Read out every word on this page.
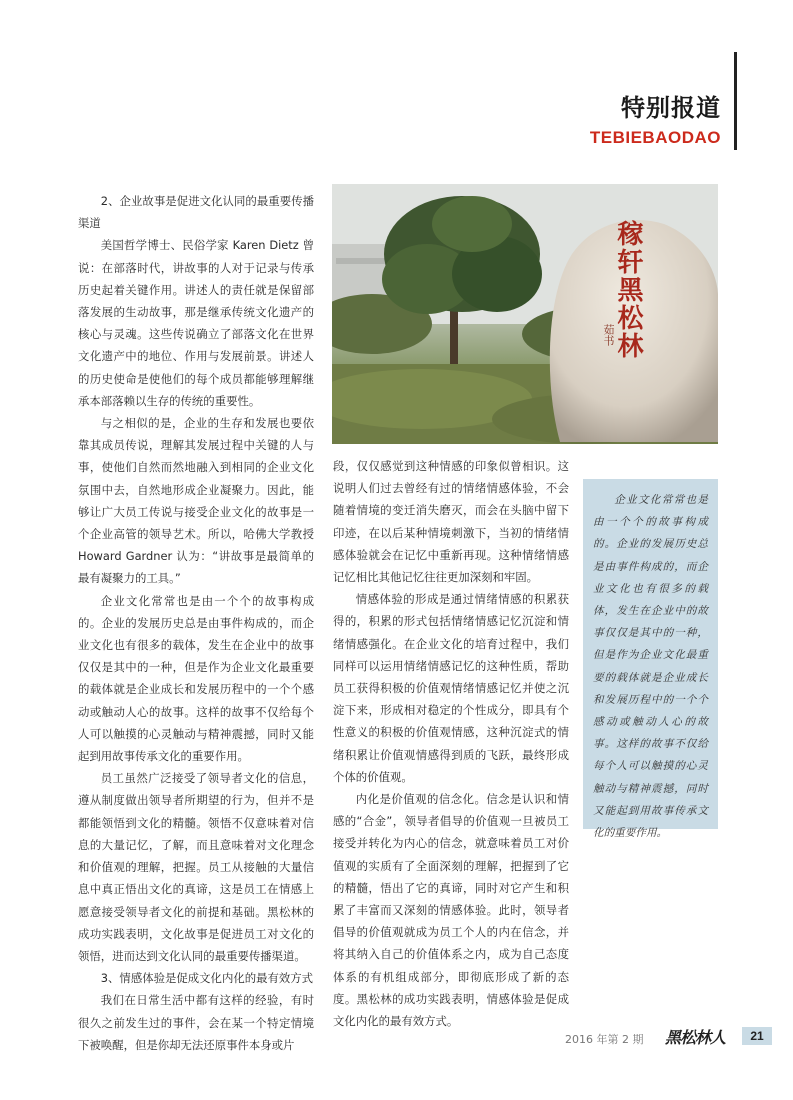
特别报道
TEBIEBAODAO
稼轩黑松林
茹书

2、企业故事是促进文化认同的最重要传播渠道

美国哲学博士、民俗学家 Karen Dietz 曾说：在部落时代，讲故事的人对于记录与传承历史起着关键作用。讲述人的责任就是保留部落发展的生动故事，那是继承传统文化遗产的核心与灵魂。这些传说确立了部落文化在世界文化遗产中的地位、作用与发展前景。讲述人的历史使命是使他们的每个成员都能够理解继承本部落赖以生存的传统的重要性。

与之相似的是，企业的生存和发展也要依靠其成员传说，理解其发展过程中关键的人与事，使他们自然而然地融入到相同的企业文化氛围中去，自然地形成企业凝聚力。因此，能够让广大员工传说与接受企业文化的故事是一个企业高管的领导艺术。所以，哈佛大学教授 Howard Gardner 认为：“讲故事是最简单的最有凝聚力的工具。”

企业文化常常也是由一个个的故事构成的。企业的发展历史总是由事件构成的，而企业文化也有很多的载体，发生在企业中的故事仅仅是其中的一种，但是作为企业文化最重要的载体就是企业成长和发展历程中的一个个感动或触动人心的故事。这样的故事不仅给每个人可以触摸的心灵触动与精神震撼，同时又能起到用故事传承文化的重要作用。

员工虽然广泛接受了领导者文化的信息，遵从制度做出领导者所期望的行为，但并不是都能领悟到文化的精髓。领悟不仅意味着对信息的大量记忆，了解，而且意味着对文化理念和价值观的理解，把握。员工从接触的大量信息中真正悟出文化的真谛，这是员工在情感上愿意接受领导者文化的前提和基础。黑松林的成功实践表明，文化故事是促进员工对文化的领悟，进而达到文化认同的最重要传播渠道。

3、情感体验是促成文化内化的最有效方式

我们在日常生活中都有这样的经验，有时很久之前发生过的事件，会在某一个特定情境下被唤醒，但是你却无法还原事件本身或片

段，仅仅感觉到这种情感的印象似曾相识。这说明人们过去曾经有过的情绪情感体验，不会随着情境的变迁消失磨灭，而会在头脑中留下印迹，在以后某种情境刺激下，当初的情绪情感体验就会在记忆中重新再现。这种情绪情感记忆相比其他记忆往往更加深刻和牢固。

情感体验的形成是通过情绪情感的积累获得的，积累的形式包括情绪情感记忆沉淀和情绪情感强化。在企业文化的培育过程中，我们同样可以运用情绪情感记忆的这种性质，帮助员工获得积极的价值观情绪情感记忆并使之沉淀下来，形成相对稳定的个性成分，即具有个性意义的积极的价值观情感，这种沉淀式的情绪积累让价值观情感得到质的飞跃，最终形成个体的价值观。

内化是价值观的信念化。信念是认识和情感的“合金”，领导者倡导的价值观一旦被员工接受并转化为内心的信念，就意味着员工对价值观的实质有了全面深刻的理解，把握到了它的精髓，悟出了它的真谛，同时对它产生和积累了丰富而又深刻的情感体验。此时，领导者倡导的价值观就成为员工个人的内在信念，并将其纳入自己的价值体系之内，成为自己态度体系的有机组成部分，即彻底形成了新的态度。黑松林的成功实践表明，情感体验是促成文化内化的最有效方式。

企业文化常常也是由一个个的故事构成的。企业的发展历史总是由事件构成的，而企业文化也有很多的载体，发生在企业中的故事仅仅是其中的一种，但是作为企业文化最重要的载体就是企业成长和发展历程中的一个个感动或触动人心的故事。这样的故事不仅给每个人可以触摸的心灵触动与精神震撼，同时又能起到用故事传承文化的重要作用。

2016 年第 2 期 黑松林人	21
